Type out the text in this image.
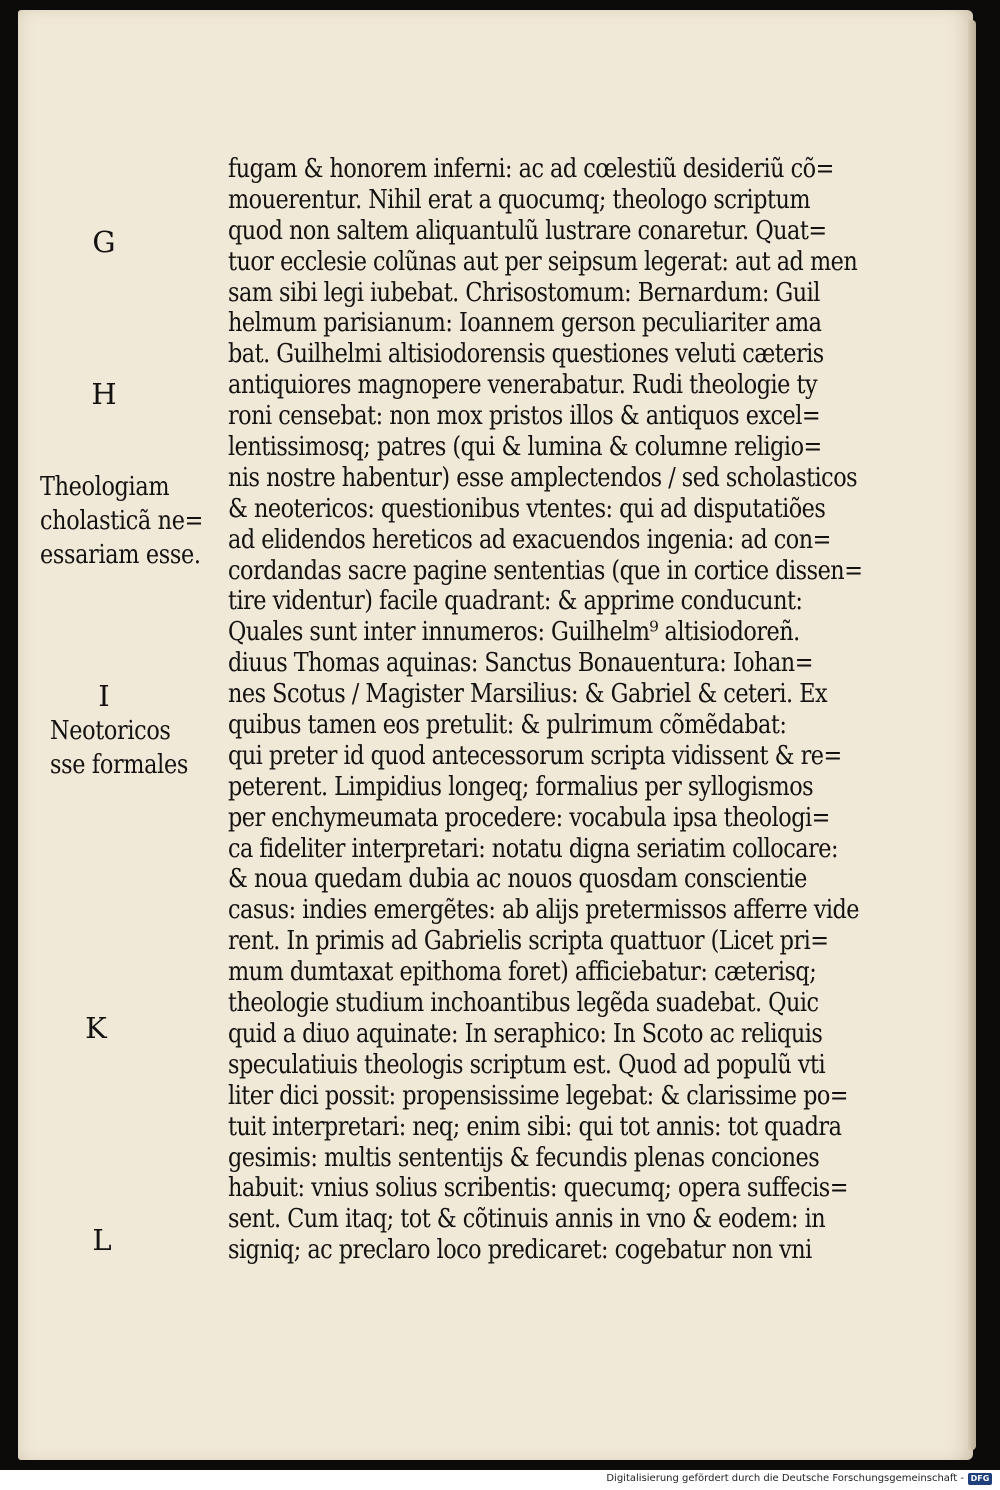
fugam & honorem inferni: ac ad cœlestiũ desideriũ cõ=
mouerentur. Nihil erat a quocumq; theologo scriptum
quod non saltem aliquantulũ lustrare conaretur. Quat=
tuor ecclesie colũnas aut per seipsum legerat: aut ad men
sam sibi legi iubebat. Chrisostomum: Bernardum: Guil
helmum parisianum: Ioannem gerson peculiariter ama
bat. Guilhelmi altisiodorensis questiones veluti cæteris
antiquiores magnopere venerabatur. Rudi theologie ty
roni censebat: non mox pristos illos & antiquos excel=
lentissimosq; patres (qui & lumina & columne religio=
nis nostre habentur) esse amplectendos / sed scholasticos
& neotericos: questionibus vtentes: qui ad disputatiões
ad elidendos hereticos ad exacuendos ingenia: ad con=
cordandas sacre pagine sententias (que in cortice dissen=
tire videntur) facile quadrant: & apprime conducunt:
Quales sunt inter innumeros: Guilhelm⁹ altisiodoreñ.
diuus Thomas aquinas: Sanctus Bonauentura: Iohan=
nes Scotus / Magister Marsilius: & Gabriel & ceteri. Ex
quibus tamen eos pretulit: & pulrimum cõmẽdabat:
qui preter id quod antecessorum scripta vidissent & re=
peterent. Limpidius longeq; formalius per syllogismos
per enchymeumata procedere: vocabula ipsa theologi=
ca fideliter interpretari: notatu digna seriatim collocare:
& noua quedam dubia ac nouos quosdam conscientie
casus: indies emergẽtes: ab alijs pretermissos afferre vide
rent. In primis ad Gabrielis scripta quattuor (Licet pri=
mum dumtaxat epithoma foret) afficiebatur: cæterisq;
theologie studium inchoantibus legẽda suadebat. Quic
quid a diuo aquinate: In seraphico: In Scoto ac reliquis
speculatiuis theologis scriptum est. Quod ad populũ vti
liter dici possit: propensissime legebat: & clarissime po=
tuit interpretari: neq; enim sibi: qui tot annis: tot quadra
gesimis: multis sententijs & fecundis plenas conciones
habuit: vnius solius scribentis: quecumq; opera suffecis=
sent. Cum itaq; tot & cõtinuis annis in vno & eodem: in
signiq; ac preclaro loco predicaret: cogebatur non vni
G
H
Theologiam
cholasticã ne=
essariam esse.
I
Neotoricos
sse formales
K
L
Digitalisierung gefördert durch die Deutsche Forschungsgemeinschaft - DFG
